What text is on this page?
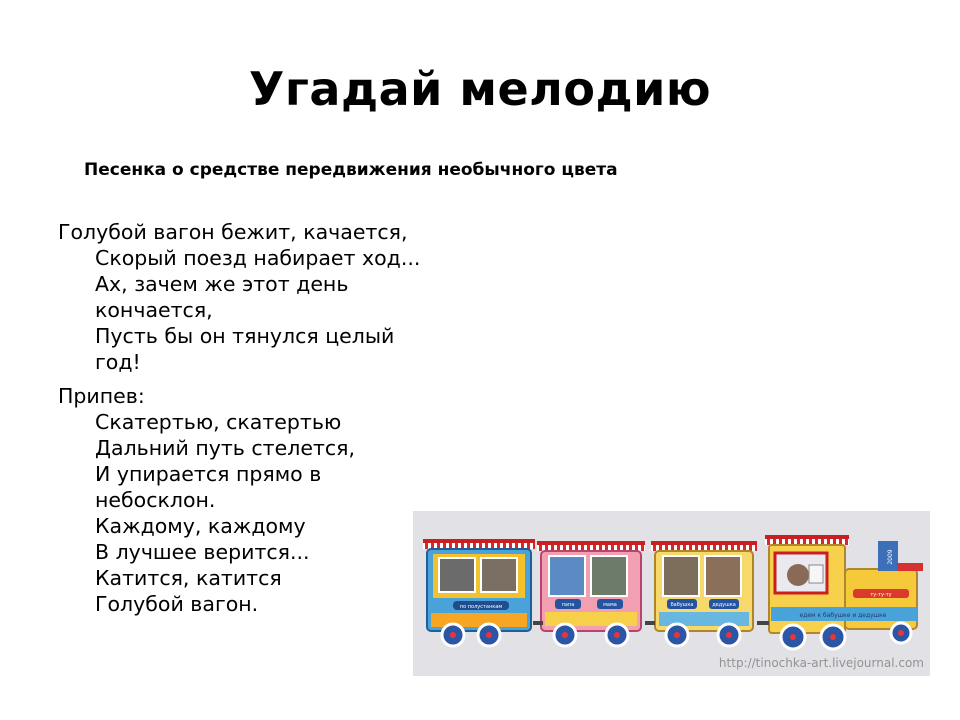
Угадай мелодию
Песенка о средстве передвижения необычного цвета
Голубой вагон бежит, качается,
Скорый поезд набирает ход...
Ах, зачем же этот день
кончается,
Пусть бы он тянулся целый
год!
Припев:
Скатертью, скатертью
Дальний путь стелется,
И упирается прямо в
небосклон.
Каждому, каждому
В лучшее верится...
Катится, катится
Голубой вагон.	по полустанкам	папа	мама	бабушка	дедушка
2009
ту-ту-ту
едем к бабушке и дедушке
http://tinochka-art.livejournal.com
